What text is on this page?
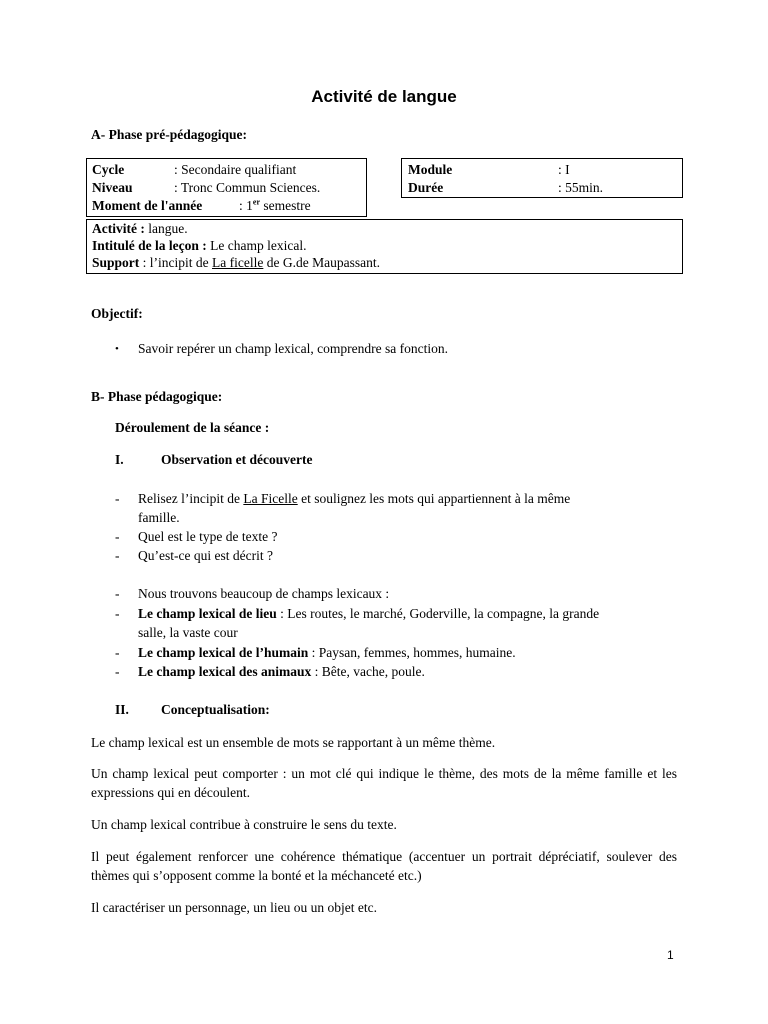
Activité de langue
A- Phase pré-pédagogique:
Cycle	: Secondaire qualifiant
Niveau	: Tronc Commun Sciences.
Moment de l'année	: 1er semestre
Module	: I
Durée	: 55min.
Activité : langue.
Intitulé de la leçon : Le champ lexical.
Support : l’incipit de La ficelle de G.de Maupassant.
Objectif:
• Savoir repérer un champ lexical, comprendre sa fonction.
B- Phase pédagogique:
Déroulement de la séance :
I.	Observation et découverte
- Relisez l’incipit de La Ficelle et soulignez les mots qui appartiennent à la même
famille.
- Quel est le type de texte ?
- Qu’est-ce qui est décrit ?
- Nous trouvons beaucoup de champs lexicaux :
- Le champ lexical de lieu : Les routes, le marché, Goderville, la compagne, la grande
salle, la vaste cour
- Le champ lexical de l’humain : Paysan, femmes, hommes, humaine.
- Le champ lexical des animaux : Bête, vache, poule.
II. Conceptualisation:
Le champ lexical est un ensemble de mots se rapportant à un même thème.
Un champ lexical peut comporter : un mot clé qui indique le thème, des mots de la même famille et les expressions qui en découlent.
Un champ lexical contribue à construire le sens du texte.
Il peut également renforcer une cohérence thématique (accentuer un portrait dépréciatif, soulever des thèmes qui s’opposent comme la bonté et la méchanceté etc.)
Il caractériser un personnage, un lieu ou un objet etc.
1
